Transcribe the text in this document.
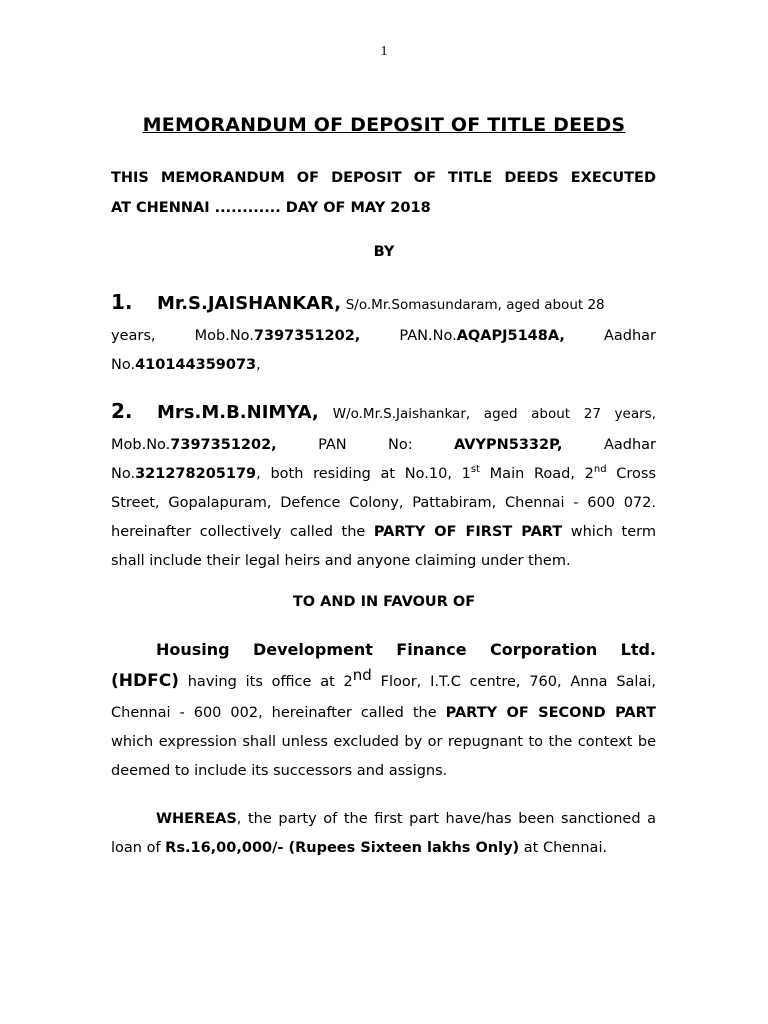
1
MEMORANDUM OF DEPOSIT OF TITLE DEEDS
THIS MEMORANDUM OF DEPOSIT OF TITLE DEEDS EXECUTED
AT CHENNAI ............ DAY OF MAY 2018
BY
1. Mr.S.JAISHANKAR, S/o.Mr.Somasundaram, aged about 28
years,	Mob.No.7397351202,	PAN.No.AQAPJ5148A,	Aadhar
No.410144359073,
2. Mrs.M.B.NIMYA, W/o.Mr.S.Jaishankar, aged about 27 years,
Mob.No.7397351202,	PAN	No:	AVYPN5332P,	Aadhar
No.321278205179, both residing at No.10, 1st Main Road, 2nd Cross
Street, Gopalapuram, Defence Colony, Pattabiram, Chennai - 600 072.
hereinafter collectively called the PARTY OF FIRST PART which term
shall include their legal heirs and anyone claiming under them.
TO AND IN FAVOUR OF
Housing Development Finance Corporation Ltd.
(HDFC) having its office at 2nd Floor, I.T.C centre, 760, Anna Salai,
Chennai - 600 002, hereinafter called the PARTY OF SECOND PART
which expression shall unless excluded by or repugnant to the context be
deemed to include its successors and assigns.
WHEREAS, the party of the first part have/has been sanctioned a
loan of Rs.16,00,000/- (Rupees Sixteen lakhs Only) at Chennai.
